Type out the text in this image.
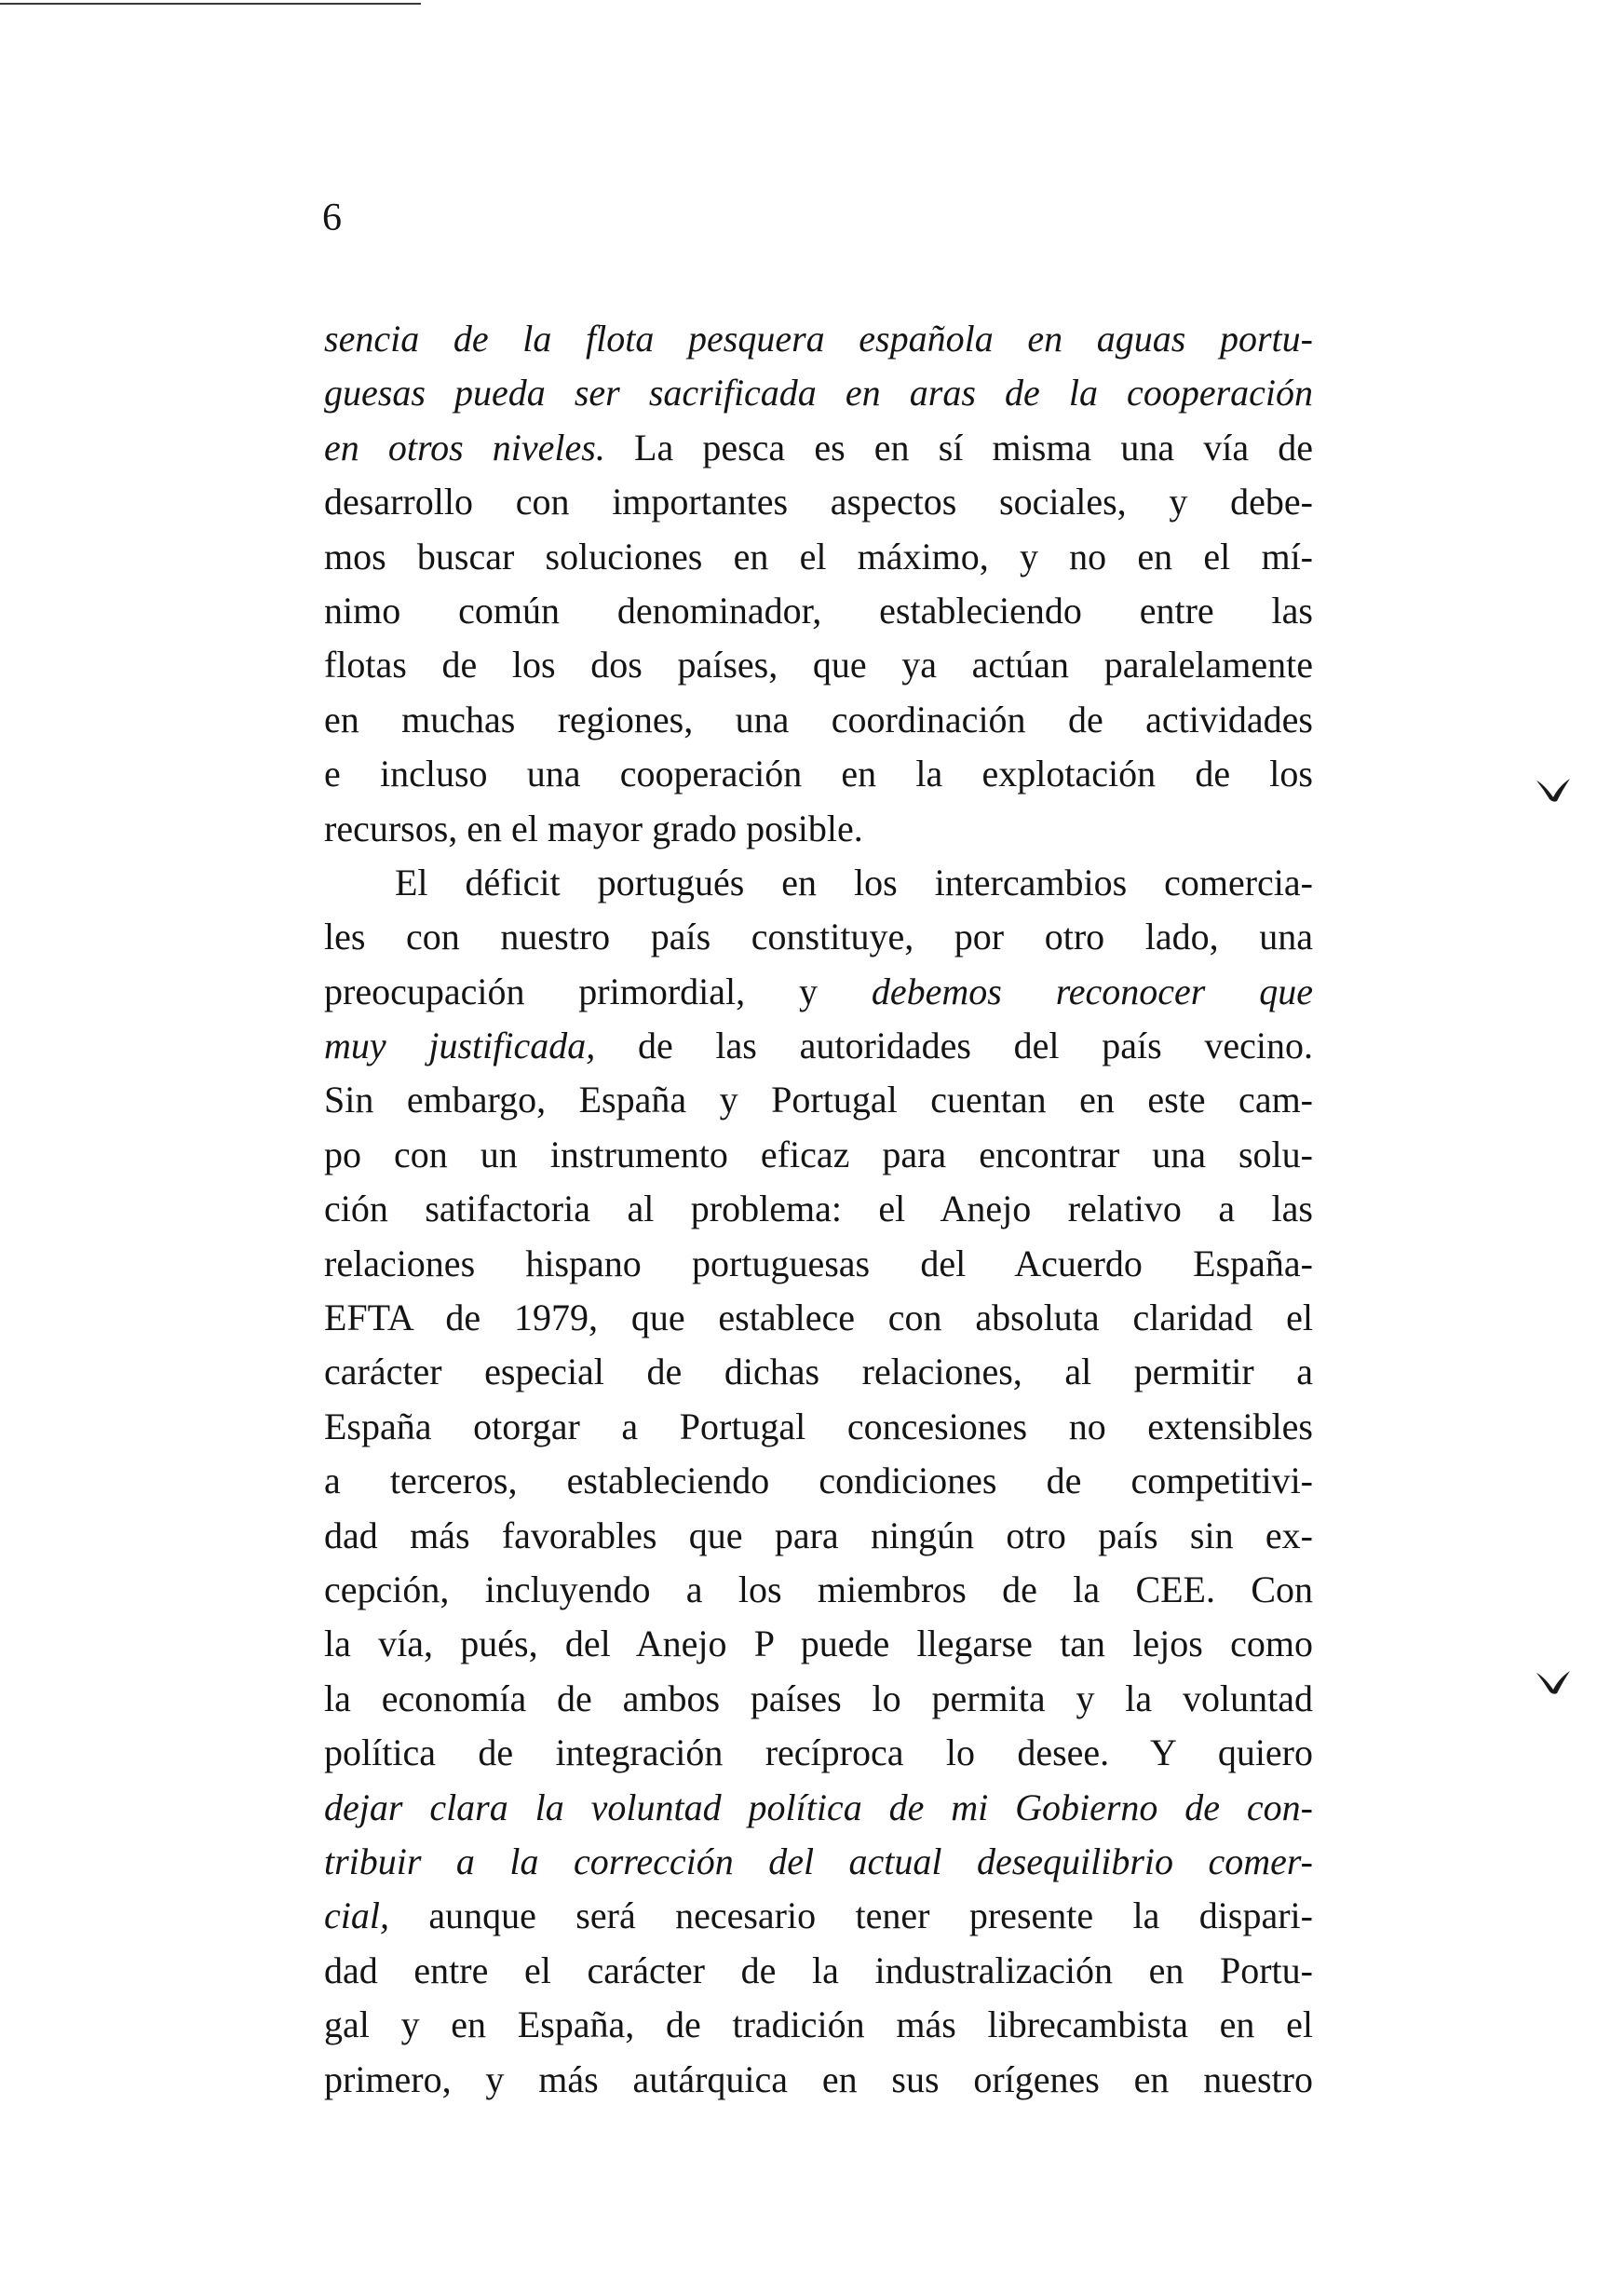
6
sencia de la flota pesquera española en aguas portu-
guesas pueda ser sacrificada en aras de la cooperación
en otros niveles. La pesca es en sí misma una vía de
desarrollo con importantes aspectos sociales, y debe-
mos buscar soluciones en el máximo, y no en el mí-
nimo común denominador, estableciendo entre las
flotas de los dos países, que ya actúan paralelamente
en muchas regiones, una coordinación de actividades
e incluso una cooperación en la explotación de los
recursos, en el mayor grado posible.
El déficit portugués en los intercambios comercia-
les con nuestro país constituye, por otro lado, una
preocupación primordial, y debemos reconocer que
muy justificada, de las autoridades del país vecino.
Sin embargo, España y Portugal cuentan en este cam-
po con un instrumento eficaz para encontrar una solu-
ción satifactoria al problema: el Anejo relativo a las
relaciones hispano portuguesas del Acuerdo España-
EFTA de 1979, que establece con absoluta claridad el
carácter especial de dichas relaciones, al permitir a
España otorgar a Portugal concesiones no extensibles
a terceros, estableciendo condiciones de competitivi-
dad más favorables que para ningún otro país sin ex-
cepción, incluyendo a los miembros de la CEE. Con
la vía, pués, del Anejo P puede llegarse tan lejos como
la economía de ambos países lo permita y la voluntad
política de integración recíproca lo desee. Y quiero
dejar clara la voluntad política de mi Gobierno de con-
tribuir a la corrección del actual desequilibrio comer-
cial, aunque será necesario tener presente la dispari-
dad entre el carácter de la industralización en Portu-
gal y en España, de tradición más librecambista en el
primero, y más autárquica en sus orígenes en nuestro
